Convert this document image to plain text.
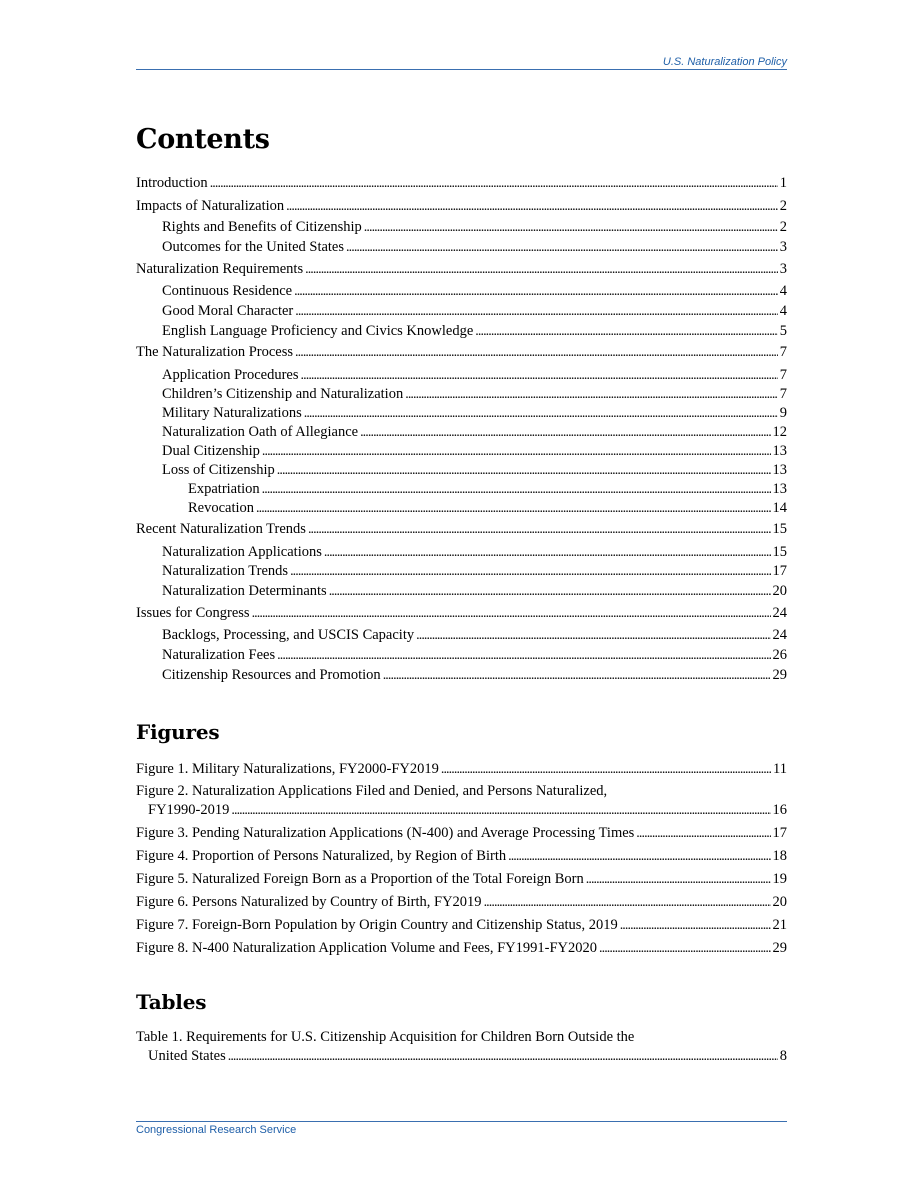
U.S. Naturalization Policy
Contents
Introduction . . .	1
Impacts of Naturalization . . .	2
Rights and Benefits of Citizenship . . .	2
Outcomes for the United States . . .	3
Naturalization Requirements . . .	3
Continuous Residence . . .	4
Good Moral Character . . .	4
English Language Proficiency and Civics Knowledge . . .	5
The Naturalization Process . . .	7
Application Procedures . . .	7
Children’s Citizenship and Naturalization . . .	7
Military Naturalizations . . .	9
Naturalization Oath of Allegiance . . .	12
Dual Citizenship . . .	13
Loss of Citizenship . . .	13
Expatriation . . .	13
Revocation . . .	14
Recent Naturalization Trends . . .	15
Naturalization Applications . . .	15
Naturalization Trends . . .	17
Naturalization Determinants . . .	20
Issues for Congress . . .	24
Backlogs, Processing, and USCIS Capacity . . .	24
Naturalization Fees . . .	26
Citizenship Resources and Promotion . . .	29
Figures
Figure 1. Military Naturalizations, FY2000-FY2019 . . .	11
Figure 2. Naturalization Applications Filed and Denied, and Persons Naturalized,
FY1990-2019 . . .	16
Figure 3. Pending Naturalization Applications (N-400) and Average Processing Times . . .	17
Figure 4. Proportion of Persons Naturalized, by Region of Birth . . .	18
Figure 5. Naturalized Foreign Born as a Proportion of the Total Foreign Born . . .	19
Figure 6. Persons Naturalized by Country of Birth, FY2019 . . .	20
Figure 7. Foreign-Born Population by Origin Country and Citizenship Status, 2019 . . .	21
Figure 8. N-400 Naturalization Application Volume and Fees, FY1991-FY2020 . . .	29
Tables
Table 1. Requirements for U.S. Citizenship Acquisition for Children Born Outside the
United States . . .	8
Congressional Research Service
